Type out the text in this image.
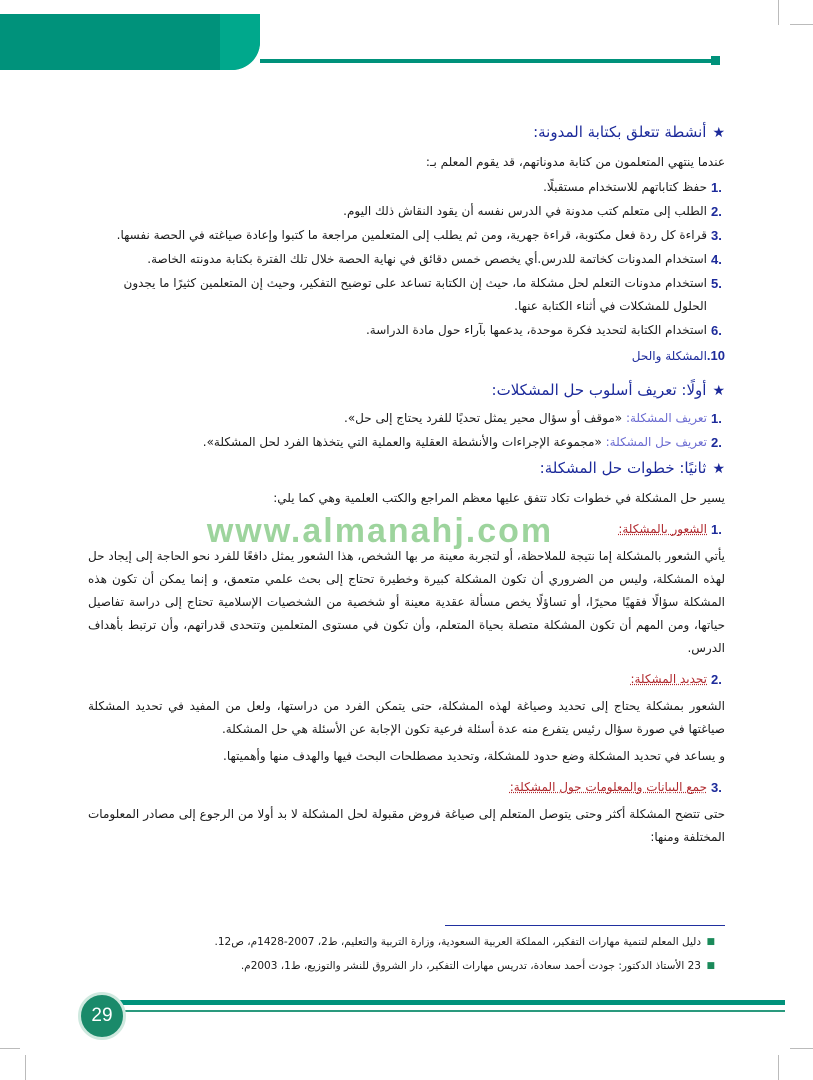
★أنشطة تتعلق بكتابة المدونة:

عندما ينتهي المتعلمون من كتابة مدوناتهم، قد يقوم المعلم بـ:

1.
حفظ كتاباتهم للاستخدام مستقبلًا.
2.
الطلب إلى متعلم كتب مدونة في الدرس نفسه أن يقود النقاش ذلك اليوم.
3.
قراءة كل ردة فعل مكتوبة، قراءة جهرية، ومن ثم يطلب إلى المتعلمين مراجعة ما كتبوا وإعادة صياغته في الحصة نفسها.
4.
استخدام المدونات كخاتمة للدرس.أي يخصص خمس دقائق في نهاية الحصة خلال تلك الفترة بكتابة مدونته الخاصة.
5.
استخدام مدونات التعلم لحل مشكلة ما، حيث إن الكتابة تساعد على توضيح التفكير، وحيث إن المتعلمين كثيرًا ما يجدون الحلول للمشكلات في أثناء الكتابة عنها.
6.
استخدام الكتابة لتحديد فكرة موحدة، يدعمها بآراء حول مادة الدراسة.
10.المشكلة والحل

★أولًا: تعريف أسلوب حل المشكلات:

1.
تعريف المشكلة: «موقف أو سؤال محير يمثل تحديًا للفرد يحتاج إلى حل».
2.
تعريف حل المشكلة: «مجموعة الإجراءات والأنشطة العقلية والعملية التي يتخذها الفرد لحل المشكلة».

★ثانيًا: خطوات حل المشكلة:

يسير حل المشكلة في خطوات تكاد تتفق عليها معظم المراجع والكتب العلمية وهي كما يلي:

1.
الشعور بالمشكلة:

يأتي الشعور بالمشكلة إما نتيجة للملاحظة، أو لتجربة معينة مر بها الشخص، هذا الشعور يمثل دافعًا للفرد نحو الحاجة إلى إيجاد حل لهذه المشكلة، وليس من الضروري أن تكون المشكلة كبيرة وخطيرة تحتاج إلى بحث علمي متعمق، و إنما يمكن أن تكون هذه المشكلة سؤالًا فقهيًا محيرًا، أو تساؤلًا يخص مسألة عقدية معينة أو شخصية من الشخصيات الإسلامية تحتاج إلى دراسة تفاصيل حياتها، ومن المهم أن تكون المشكلة متصلة بحياة المتعلم، وأن تكون في مستوى المتعلمين وتتحدى قدراتهم، وأن ترتبط بأهداف الدرس.

2.
تحديد المشكلة:

الشعور بمشكلة يحتاج إلى تحديد وصياغة لهذه المشكلة، حتى يتمكن الفرد من دراستها، ولعل من المفيد في تحديد المشكلة صياغتها في صورة سؤال رئيس يتفرع منه عدة أسئلة فرعية تكون الإجابة عن الأسئلة هي حل المشكلة.

و يساعد في تحديد المشكلة وضع حدود للمشكلة، وتحديد مصطلحات البحث فيها والهدف منها وأهميتها.

3.
جمع البيانات والمعلومات حول المشكلة:

حتى تتضح المشكلة أكثر وحتى يتوصل المتعلم إلى صياغة فروض مقبولة لحل المشكلة لا بد أولا من الرجوع إلى مصادر المعلومات المختلفة ومنها:

www.almanahj.com
■
دليل المعلم لتنمية مهارات التفكير، المملكة العربية السعودية، وزارة التربية والتعليم، ط2، 2007-1428م، ص12.
■
23 الأستاذ الدكتور: جودت أحمد سعادة، تدريس مهارات التفكير، دار الشروق للنشر والتوزيع، ط1، 2003م.
29
